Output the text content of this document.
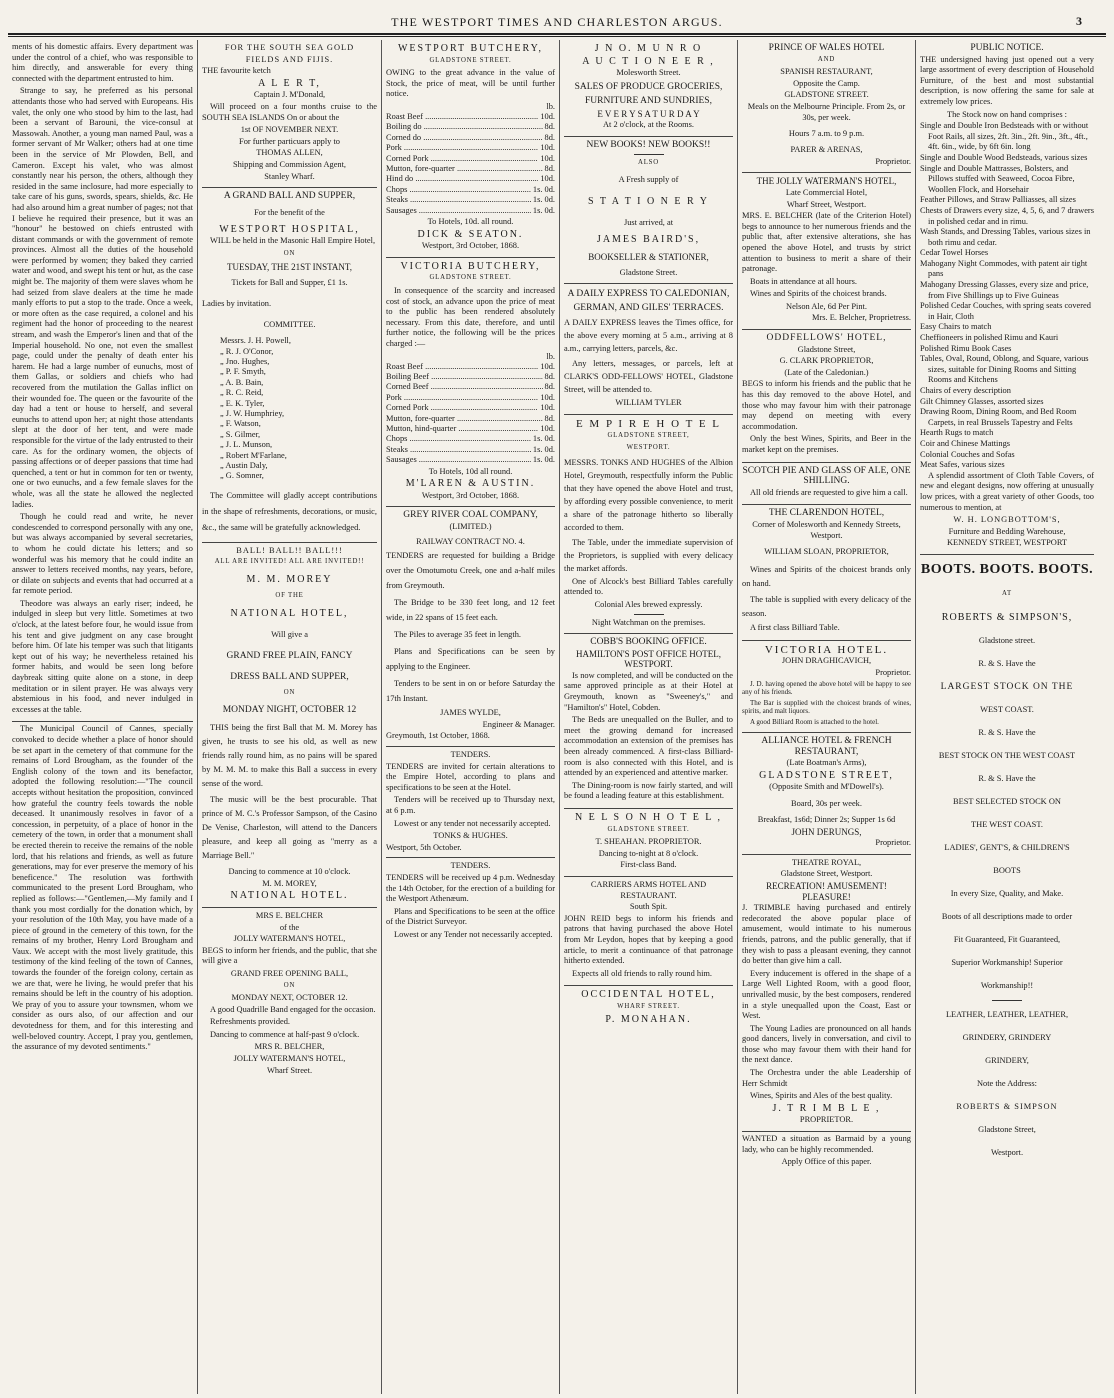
THE WESTPORT TIMES AND CHARLESTON ARGUS.	3

ments of his domestic affairs. Every department was under the control of a chief, who was responsible to him directly, and answerable for every thing connected with the department entrusted to him.

Strange to say, he preferred as his personal attendants those who had served with Europeans. His valet, the only one who stood by him to the last, had been a servant of Barouni, the vice-consul at Massowah. Another, a young man named Paul, was a former servant of Mr Walker; others had at one time been in the service of Mr Plowden, Bell, and Cameron. Except his valet, who was almost constantly near his person, the others, although they resided in the same inclosure, had more especially to take care of his guns, swords, spears, shields, &c. He had also around him a great number of pages; not that I believe he required their presence, but it was an "honour" he bestowed on chiefs entrusted with distant commands or with the government of remote provinces. Almost all the duties of the household were performed by women; they baked they carried water and wood, and swept his tent or hut, as the case might be. The majority of them were slaves whom he had seized from slave dealers at the time he made manly efforts to put a stop to the trade. Once a week, or more often as the case required, a colonel and his regiment had the honor of proceeding to the nearest stream, and wash the Emperor's linen and that of the Imperial household. No one, not even the smallest page, could under the penalty of death enter his harem. He had a large number of eunuchs, most of them Gallas, or soldiers and chiefs who had recovered from the mutilation the Gallas inflict on their wounded foe. The queen or the favourite of the day had a tent or house to herself, and several eunuchs to attend upon her; at night those attendants slept at the door of her tent, and were made responsible for the virtue of the lady entrusted to their care. As for the ordinary women, the objects of passing affections or of deeper passions that time had quenched, a tent or hut in common for ten or twenty, one or two eunuchs, and a few female slaves for the whole, was all the state he allowed the neglected ladies.

Though he could read and write, he never condescended to correspond personally with any one, but was always accompanied by several secretaries, to whom he could dictate his letters; and so wonderful was his memory that he could indite an answer to letters received months, nay years, before, or dilate on subjects and events that had occurred at a far remote period.

Theodore was always an early riser; indeed, he indulged in sleep but very little. Sometimes at two o'clock, at the latest before four, he would issue from his tent and give judgment on any case brought before him. Of late his temper was such that litigants kept out of his way; he nevertheless retained his former habits, and would be seen long before daybreak sitting quite alone on a stone, in deep meditation or in silent prayer. He was always very abstemious in his food, and never indulged in excesses at the table.

The Municipal Council of Cannes, specially convoked to decide whether a place of honor should be set apart in the cemetery of that commune for the remains of Lord Brougham, as the founder of the English colony of the town and its benefactor, adopted the following resolution:—"The council accepts without hesitation the proposition, convinced how grateful the country feels towards the noble deceased. It unanimously resolves in favor of a concession, in perpetuity, of a place of honor in the cemetery of the town, in order that a monument shall be erected therein to receive the remains of the noble lord, that his relations and friends, as well as future generations, may for ever preserve the memory of his beneficence." The resolution was forthwith communicated to the present Lord Brougham, who replied as follows:—"Gentlemen,—My family and I thank you most cordially for the donation which, by your resolution of the 10th May, you have made of a piece of ground in the cemetery of this town, for the remains of my brother, Henry Lord Brougham and Vaux. We accept with the most lively gratitude, this testimony of the kind feeling of the town of Cannes, towards the founder of the foreign colony, certain as we are that, were he living, he would prefer that his remains should be left in the country of his adoption. We pray of you to assure your townsmen, whom we consider as ours also, of our affection and our devotedness for them, and for this interesting and well-beloved country. Accept, I pray you, gentlemen, the assurance of my devoted sentiments."

FOR THE SOUTH SEA GOLD
FIELDS AND FIJIS.

THE favourite ketch

A L E R T,
Captain J. M'Donald,

Will proceed on a four months cruise to the SOUTH SEA ISLANDS On or about the

1st OF NOVEMBER NEXT.
For further particuars apply to
THOMAS ALLEN,
Shipping and Commission Agent,
Stanley Wharf.
A GRAND BALL AND SUPPER,
For the benefit of the
WESTPORT HOSPITAL,

WILL be held in the Masonic Hall Empire Hotel,

ON
TUESDAY, THE 21ST INSTANT,
Tickets for Ball and Supper, £1 1s.
Ladies by invitation.
COMMITTEE.
Messrs. J. H. Powell,
„ R. J. O'Conor,
„ Jno. Hughes,
„ P. F. Smyth,
„ A. B. Bain,
„ R. C. Reid,
„ E. K. Tyler,
„ J. W. Humphriey,
„ F. Watson,
„ S. Gilmer,
„ J. L. Munson,
„ Robert M'Farlane,
„ Austin Daly,
„ G. Somner,

The Committee will gladly accept contributions in the shape of refreshments, decorations, or music, &c., the same will be gratefully acknowledged.

BALL! BALL!! BALL!!!
ALL ARE INVITED! ALL ARE INVITED!!
M. M. MOREY
OF THE
NATIONAL HOTEL,
Will give a
GRAND FREE PLAIN, FANCY
DRESS BALL AND SUPPER,
ON
MONDAY NIGHT, OCTOBER 12

THIS being the first Ball that M. M. Morey has given, he trusts to see his old, as well as new friends rally round him, as no pains will be spared by M. M. M. to make this Ball a success in every sense of the word.

The music will be the best procurable. That prince of M. C.'s Professor Sampson, of the Casino De Venise, Charleston, will attend to the Dancers pleasure, and keep all going as "merry as a Marriage Bell."

Dancing to commence at 10 o'clock.
M. M. MOREY,
NATIONAL HOTEL.
MRS E. BELCHER
of the
JOLLY WATERMAN'S HOTEL,

BEGS to inform her friends, and the public, that she will give a

GRAND FREE OPENING BALL,
ON
MONDAY NEXT, OCTOBER 12.

A good Quadrille Band engaged for the occasion.

Refreshments provided.

Dancing to commence at half-past 9 o'clock.

MRS R. BELCHER,
JOLLY WATERMAN'S HOTEL,
Wharf Street.
WESTPORT BUTCHERY,
GLADSTONE STREET.

OWING to the great advance in the value of Stock, the price of meat, will be until further notice.

lb.
Roast Beef .....	10d.
Boiling do .....	8d.
Corned do .....	8d.
Pork .....	10d.
Corned Pork .....	10d.
Mutton, fore-quarter .....	8d.
Hind do .....	10d.
Chops .....	1s. 0d.
Steaks .....	1s. 0d.
Sausages .....	1s. 0d.
To Hotels, 10d. all round.
DICK & SEATON.
Westport, 3rd October, 1868.
VICTORIA BUTCHERY,
GLADSTONE STREET.

In consequence of the scarcity and increased cost of stock, an advance upon the price of meat to the public has been rendered absolutely necessary. From this date, therefore, and until further notice, the following will be the prices charged :—

lb.
Roast Beef .....	10d.
Boiling Beef .....	8d.
Corned Beef .....	8d.
Pork .....	10d.
Corned Pork .....	10d.
Mutton, fore-quarter .....	8d.
Mutton, hind-quarter .....	10d.
Chops .....	1s. 0d.
Steaks .....	1s. 0d.
Sausages .....	1s. 0d.
To Hotels, 10d all round.
M'LAREN & AUSTIN.
Westport, 3rd October, 1868.
GREY RIVER COAL COMPANY,
(LIMITED.)
RAILWAY CONTRACT NO. 4.

TENDERS are requested for building a Bridge over the Omotumotu Creek, one and a-half miles from Greymouth.

The Bridge to be 330 feet long, and 12 feet wide, in 22 spans of 15 feet each.

The Piles to average 35 feet in length.

Plans and Specifications can be seen by applying to the Engineer.

Tenders to be sent in on or before Saturday the 17th Instant.

JAMES WYLDE,
Engineer & Manager.
Greymouth, 1st October, 1868.
TENDERS.

TENDERS are invited for certain alterations to the Empire Hotel, according to plans and specifications to be seen at the Hotel.

Tenders will be received up to Thursday next, at 6 p.m.

Lowest or any tender not necessarily accepted.

TONKS & HUGHES.
Westport, 5th October.
TENDERS.

TENDERS will be received up 4 p.m. Wednesday the 14th October, for the erection of a building for the Westport Athenæum.

Plans and Specifications to be seen at the office of the District Surveyor.

Lowest or any Tender not necessarily accepted.

J N O. M U N R O
A U C T I O N E E R ,
Molesworth Street.
SALES OF PRODUCE GROCERIES, FURNITURE AND SUNDRIES,
E V E R Y S A T U R D A Y
At 2 o'clock, at the Rooms.
NEW BOOKS! NEW BOOKS!!
ALSO
A Fresh supply of
S T A T I O N E R Y
Just arrived, at
JAMES BAIRD'S,
BOOKSELLER & STATIONER,
Gladstone Street.
A DAILY EXPRESS TO CALEDONIAN, GERMAN, AND GILES' TERRACES.

A DAILY EXPRESS leaves the Times office, for the above every morning at 5 a.m., arriving at 8 a.m., carrying letters, parcels, &c.

Any letters, messages, or parcels, left at CLARK'S ODD-FELLOWS' HOTEL, Gladstone Street, will be attended to.

WILLIAM TYLER
E M P I R E H O T E L
GLADSTONE STREET,
WESTPORT.

MESSRS. TONKS AND HUGHES of the Albion Hotel, Greymouth, respectfully inform the Public that they have opened the above Hotel and trust, by affording every possible convenience, to merit a share of the patronage hitherto so liberally accorded to them.

The Table, under the immediate supervision of the Proprietors, is supplied with every delicacy the market affords.

One of Alcock's best Billiard Tables carefully attended to.

Colonial Ales brewed expressly.
Night Watchman on the premises.
COBB'S BOOKING OFFICE.
HAMILTON'S POST OFFICE HOTEL, WESTPORT.

Is now completed, and will be conducted on the same approved principle as at their Hotel at Greymouth, known as "Sweeney's," and "Hamilton's" Hotel, Cobden.

The Beds are unequalled on the Buller, and to meet the growing demand for increased accommodation an extension of the premises has been already commenced. A first-class Billiard-room is also connected with this Hotel, and is attended by an experienced and attentive marker.

The Dining-room is now fairly started, and will be found a leading feature at this establishment.

N E L S O N H O T E L ,
GLADSTONE STREET.
T. SHEAHAN. PROPRIETOR.
Dancing to-night at 8 o'clock.
First-class Band.
CARRIERS ARMS HOTEL AND RESTAURANT.
South Spit.

JOHN REID begs to inform his friends and patrons that having purchased the above Hotel from Mr Leydon, hopes that by keeping a good article, to merit a continuance of that patronage hitherto extended.

Expects all old friends to rally round him.

OCCIDENTAL HOTEL,
WHARF STREET.
P. MONAHAN.
PRINCE OF WALES HOTEL
AND
SPANISH RESTAURANT,
Opposite the Camp.
GLADSTONE STREET.
Meals on the Melbourne Principle. From 2s, or 30s, per week.
Hours 7 a.m. to 9 p.m.
PARER & ARENAS,
Proprietor.
THE JOLLY WATERMAN'S HOTEL,
Late Commercial Hotel,
Wharf Street, Westport.

MRS. E. BELCHER (late of the Criterion Hotel) begs to announce to her numerous friends and the public that, after extensive alterations, she has opened the above Hotel, and trusts by strict attention to business to merit a share of their patronage.

Boats in attendance at all hours.

Wines and Spirits of the choicest brands.

Nelson Ale, 6d Per Pint.
Mrs. E. Belcher, Proprietress.
ODDFELLOWS' HOTEL,
Gladstone Street,
G. CLARK PROPRIETOR,
(Late of the Caledonian.)

BEGS to inform his friends and the public that he has this day removed to the above Hotel, and those who may favour him with their patronage may depend on meeting with every accommodation.

Only the best Wines, Spirits, and Beer in the market kept on the premises.

SCOTCH PIE AND GLASS OF ALE, ONE SHILLING.

All old friends are requested to give him a call.

THE CLARENDON HOTEL,
Corner of Molesworth and Kennedy Streets, Westport.
WILLIAM SLOAN, PROPRIETOR,

Wines and Spirits of the choicest brands only on hand.

The table is supplied with every delicacy of the season.

A first class Billiard Table.

VICTORIA HOTEL.
JOHN DRAGHICAVICH,
Proprietor.

J. D. having opened the above hotel will be happy to see any of his friends.

The Bar is supplied with the choicest brands of wines, spirits, and malt liquors.

A good Billiard Room is attached to the hotel.

ALLIANCE HOTEL & FRENCH RESTAURANT,
(Late Boatman's Arms),
GLADSTONE STREET,
(Opposite Smith and M'Dowell's).
Board, 30s per week.
Breakfast, 1s6d; Dinner 2s; Supper 1s 6d
JOHN DERUNGS,
Proprietor.
THEATRE ROYAL,
Gladstone Street, Westport.
RECREATION! AMUSEMENT! PLEASURE!

J. TRIMBLE having purchased and entirely redecorated the above popular place of amusement, would intimate to his numerous friends, patrons, and the public generally, that if they wish to pass a pleasant evening, they cannot do better than give him a call.

Every inducement is offered in the shape of a Large Well Lighted Room, with a good floor, unrivalled music, by the best composers, rendered in a style unequalled upon the Coast, East or West.

The Young Ladies are pronounced on all hands good dancers, lively in conversation, and civil to those who may favour them with their hand for the next dance.

The Orchestra under the able Leadership of Herr Schmidt

Wines, Spirits and Ales of the best quality.

J. T R I M B L E ,
PROPRIETOR.

WANTED a situation as Barmaid by a young lady, who can be highly recommended.

Apply Office of this paper.
PUBLIC NOTICE.

THE undersigned having just opened out a very large assortment of every description of Household Furniture, of the best and most substantial description, is now offering the same for sale at extremely low prices.

The Stock now on hand comprises :
Single and Double Iron Bedsteads with or without Foot Rails, all sizes, 2ft. 3in., 2ft. 9in., 3ft., 4ft., 4ft. 6in., wide, by 6ft 6in. long
Single and Double Wood Bedsteads, various sizes
Single and Double Mattrasses, Bolsters, and Pillows stuffed with Seaweed, Cocoa Fibre, Woollen Flock, and Horsehair
Feather Pillows, and Straw Palliasses, all sizes
Chests of Drawers every size, 4, 5, 6, and 7 drawers in polished cedar and in rimu.
Wash Stands, and Dressing Tables, various sizes in both rimu and cedar.
Cedar Towel Horses
Mahogany Night Commodes, with patent air tight pans
Mahogany Dressing Glasses, every size and price, from Five Shillings up to Five Guineas
Polished Cedar Couches, with spring seats covered in Hair, Cloth
Easy Chairs to match
Cheffioneers in polished Rimu and Kauri
Polished Rimu Book Cases
Tables, Oval, Round, Oblong, and Square, various sizes, suitable for Dining Rooms and Sitting Rooms and Kitchens
Chairs of every description
Gilt Chimney Glasses, assorted sizes
Drawing Room, Dining Room, and Bed Room Carpets, in real Brussels Tapestry and Felts
Hearth Rugs to match
Coir and Chinese Mattings
Colonial Couches and Sofas
Meat Safes, various sizes

A splendid assortment of Cloth Table Covers, of new and elegant designs, now offering at unusually low prices, with a great variety of other Goods, too numerous to mention, at

W. H. LONGBOTTOM'S,
Furniture and Bedding Warehouse,
KENNEDY STREET, WESTPORT
BOOTS. BOOTS. BOOTS.
AT
ROBERTS & SIMPSON'S,
Gladstone street.
R. & S. Have the
LARGEST STOCK ON THE
WEST COAST.
R. & S. Have the
BEST STOCK ON THE WEST COAST
R. & S. Have the
BEST SELECTED STOCK ON
THE WEST COAST.
LADIES', GENT'S, & CHILDREN'S
BOOTS
In every Size, Quality, and Make.
Boots of all descriptions made to order
Fit Guaranteed, Fit Guaranteed,
Superior Workmanship! Superior
Workmanship!!
LEATHER, LEATHER, LEATHER,
GRINDERY, GRINDERY
GRINDERY,
Note the Address:
ROBERTS & SIMPSON
Gladstone Street,
Westport.
